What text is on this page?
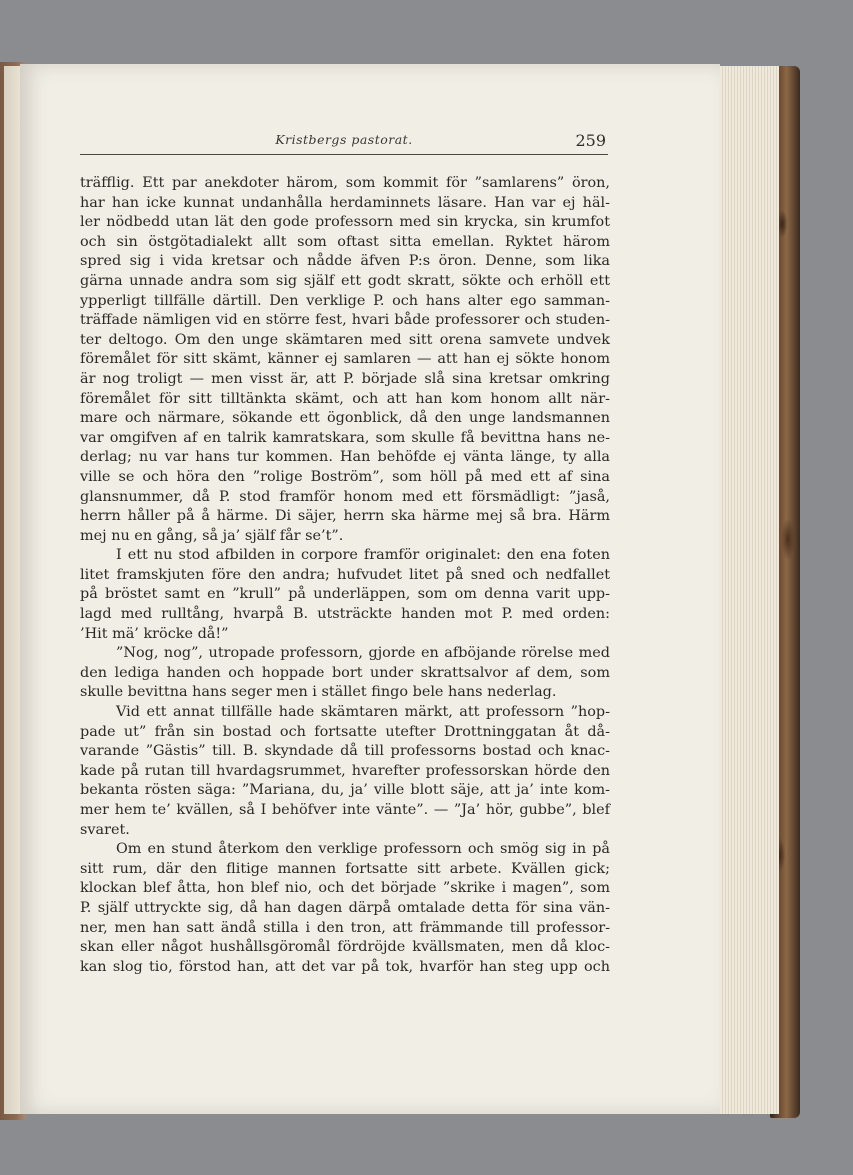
Kristbergs pastorat.	259
träfflig. Ett par anekdoter härom, som kommit för ”samlarens” öron,
har han icke kunnat undanhålla herdaminnets läsare. Han var ej häl-
ler nödbedd utan lät den gode professorn med sin krycka, sin krumfot
och sin östgötadialekt allt som oftast sitta emellan. Ryktet härom
spred sig i vida kretsar och nådde äfven P:s öron. Denne, som lika
gärna unnade andra som sig själf ett godt skratt, sökte och erhöll ett
ypperligt tillfälle därtill. Den verklige P. och hans alter ego samman-
träffade nämligen vid en större fest, hvari både professorer och studen-
ter deltogo. Om den unge skämtaren med sitt orena samvete undvek
föremålet för sitt skämt, känner ej samlaren — att han ej sökte honom
är nog troligt — men visst är, att P. började slå sina kretsar omkring
föremålet för sitt tilltänkta skämt, och att han kom honom allt när-
mare och närmare, sökande ett ögonblick, då den unge landsmannen
var omgifven af en talrik kamratskara, som skulle få bevittna hans ne-
derlag; nu var hans tur kommen. Han behöfde ej vänta länge, ty alla
ville se och höra den ”rolige Boström”, som höll på med ett af sina
glansnummer, då P. stod framför honom med ett försmädligt: ”jaså,
herrn håller på å härme. Di säjer, herrn ska härme mej så bra. Härm
mej nu en gång, så ja’ själf får se’t”.
I ett nu stod afbilden in corpore framför originalet: den ena foten
litet framskjuten före den andra; hufvudet litet på sned och nedfallet
på bröstet samt en ”krull” på underläppen, som om denna varit upp-
lagd med rulltång, hvarpå B. utsträckte handen mot P. med orden:
’Hit mä’ kröcke då!”
”Nog, nog”, utropade professorn, gjorde en afböjande rörelse med
den lediga handen och hoppade bort under skrattsalvor af dem, som
skulle bevittna hans seger men i stället fingo bele hans nederlag.
Vid ett annat tillfälle hade skämtaren märkt, att professorn ”hop-
pade ut” från sin bostad och fortsatte utefter Drottninggatan åt då-
varande ”Gästis” till. B. skyndade då till professorns bostad och knac-
kade på rutan till hvardagsrummet, hvarefter professorskan hörde den
bekanta rösten säga: ”Mariana, du, ja’ ville blott säje, att ja’ inte kom-
mer hem te’ kvällen, så I behöfver inte vänte”. — ”Ja’ hör, gubbe”, blef
svaret.
Om en stund återkom den verklige professorn och smög sig in på
sitt rum, där den flitige mannen fortsatte sitt arbete. Kvällen gick;
klockan blef åtta, hon blef nio, och det började ”skrike i magen”, som
P. själf uttryckte sig, då han dagen därpå omtalade detta för sina vän-
ner, men han satt ändå stilla i den tron, att främmande till professor-
skan eller något hushållsgöromål fördröjde kvällsmaten, men då kloc-
kan slog tio, förstod han, att det var på tok, hvarför han steg upp och
